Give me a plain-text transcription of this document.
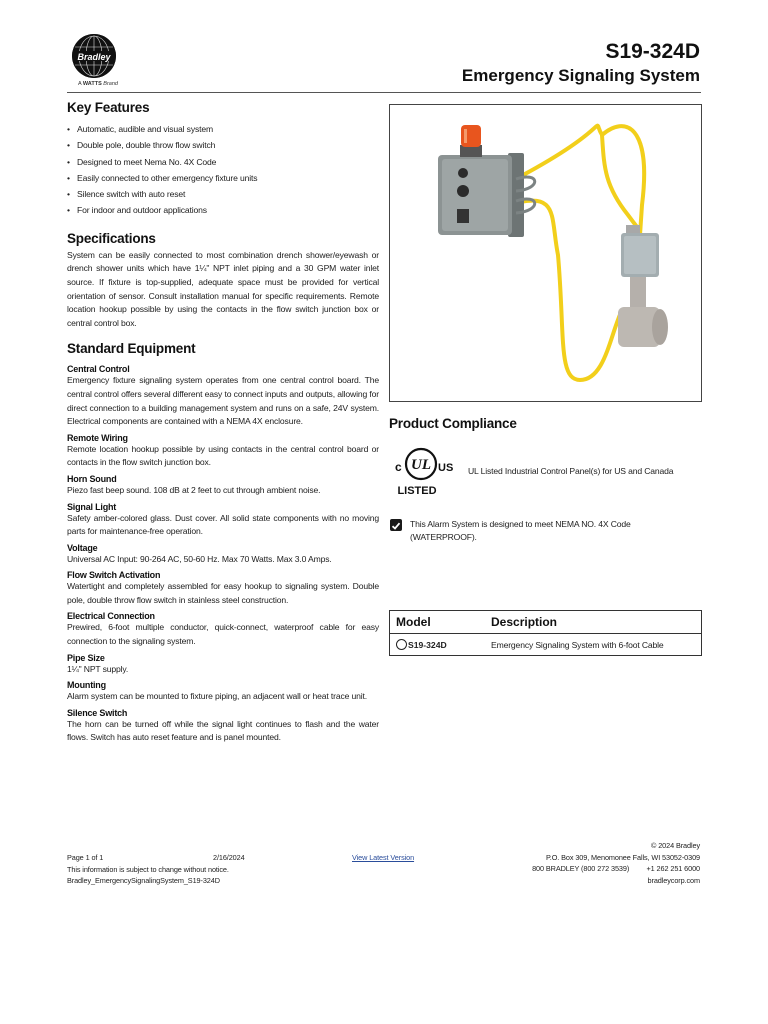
Bradley
A WATTS Brand
S19-324D
Emergency Signaling System
Key Features
• Automatic, audible and visual system
• Double pole, double throw flow switch
• Designed to meet Nema No. 4X Code
• Easily connected to other emergency fixture units
• Silence switch with auto reset
• For indoor and outdoor applications
Specifications

System can be easily connected to most combination drench shower/eyewash or drench shower units which have 1¼" NPT inlet piping and a 30 GPM water inlet source. If fixture is top-supplied, adequate space must be provided for vertical orientation of sensor. Consult installation manual for specific requirements. Remote location hookup possible by using the contacts in the flow switch junction box or central control box.

Standard Equipment
Central Control

Emergency fixture signaling system operates from one central control board. The central control offers several different easy to connect inputs and outputs, allowing for direct connection to a building management system and runs on a safe, 24V system. Electrical components are contained with a NEMA 4X enclosure.

Remote Wiring

Remote location hookup possible by using contacts in the central control board or contacts in the flow switch junction box.

Horn Sound

Piezo fast beep sound. 108 dB at 2 feet to cut through ambient noise.

Signal Light

Safety amber-colored glass. Dust cover. All solid state components with no moving parts for maintenance-free operation.

Voltage

Universal AC Input: 90-264 AC, 50-60 Hz. Max 70 Watts. Max 3.0 Amps.

Flow Switch Activation

Watertight and completely assembled for easy hookup to signaling system. Double pole, double throw flow switch in stainless steel construction.

Electrical Connection

Prewired, 6-foot multiple conductor, quick-connect, waterproof cable for easy connection to the signaling system.

Pipe Size

1¼" NPT supply.

Mounting

Alarm system can be mounted to fixture piping, an adjacent wall or heat trace unit.

Silence Switch

The horn can be turned off while the signal light continues to flash and the water flows. Switch has auto reset feature and is panel mounted.

Product Compliance
UL
c	US
LISTED
UL Listed Industrial Control Panel(s) for US and Canada
This Alarm System is designed to meet NEMA NO. 4X Code (WATERPROOF).
Model	Description
S19-324D	Emergency Signaling System with 6-foot Cable
Page 1 of 1
This information is subject to change without notice.
Bradley_EmergencySignalingSystem_S19-324D
2/16/2024	View Latest Version
© 2024 Bradley
P.O. Box 309, Menomonee Falls, WI 53052-0309
800 BRADLEY (800 272 3539) +1 262 251 6000
bradleycorp.com
